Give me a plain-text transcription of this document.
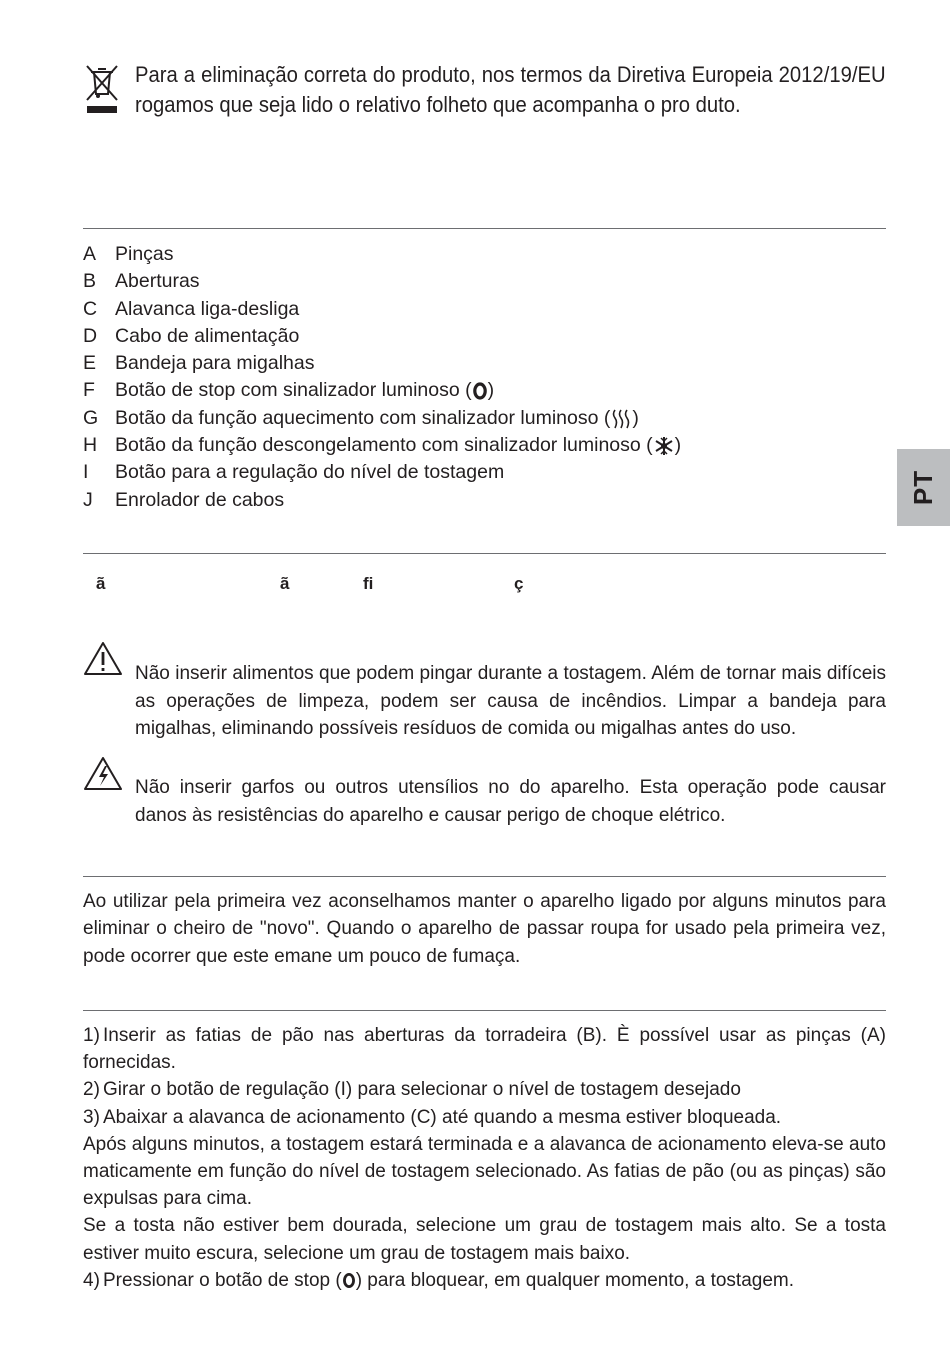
Para a eliminação correta do produto, nos termos da Diretiva Europeia 2012/19/EU rogamos que seja lido o relativo folheto que acompanha o pro duto.
A Pinças
B Aberturas
C Alavanca liga-desliga
D Cabo de alimentação
E Bandeja para migalhas
F Botão de stop com sinalizador luminoso ( )
G Botão da função aquecimento com sinalizador luminoso ( )
H Botão da função descongelamento com sinalizador luminoso ( )
I Botão para a regulação do nível de tostagem
J Enrolador de cabos	PT
ã	ã	fi	ç
Não inserir alimentos que podem pingar durante a tostagem. Além de tornar mais difíceis as operações de limpeza, podem ser causa de incêndios. Limpar a bandeja para migalhas, eliminando possíveis resíduos de comida ou migalhas antes do uso.
Não inserir garfos ou outros utensílios no do aparelho. Esta operação pode causar danos às resistências do aparelho e causar perigo de choque elétrico.
Ao utilizar pela primeira vez aconselhamos manter o aparelho ligado por alguns minutos para eliminar o cheiro de "novo". Quando o aparelho de passar roupa for usado pela primeira vez, pode ocorrer que este emane um pouco de fumaça.

1) Inserir as fatias de pão nas aberturas da torradeira (B). È possível usar as pinças (A) fornecidas.

2) Girar o botão de regulação (I) para selecionar o nível de tostagem desejado

3) Abaixar a alavanca de acionamento (C) até quando a mesma estiver bloqueada.

Após alguns minutos, a tostagem estará terminada e a alavanca de acionamento eleva-se auto maticamente em função do nível de tostagem selecionado. As fatias de pão (ou as pinças) são expulsas para cima.

Se a tosta não estiver bem dourada, selecione um grau de tostagem mais alto. Se a tosta estiver muito escura, selecione um grau de tostagem mais baixo.

4) Pressionar o botão de stop ( ) para bloquear, em qualquer momento, a tostagem.
